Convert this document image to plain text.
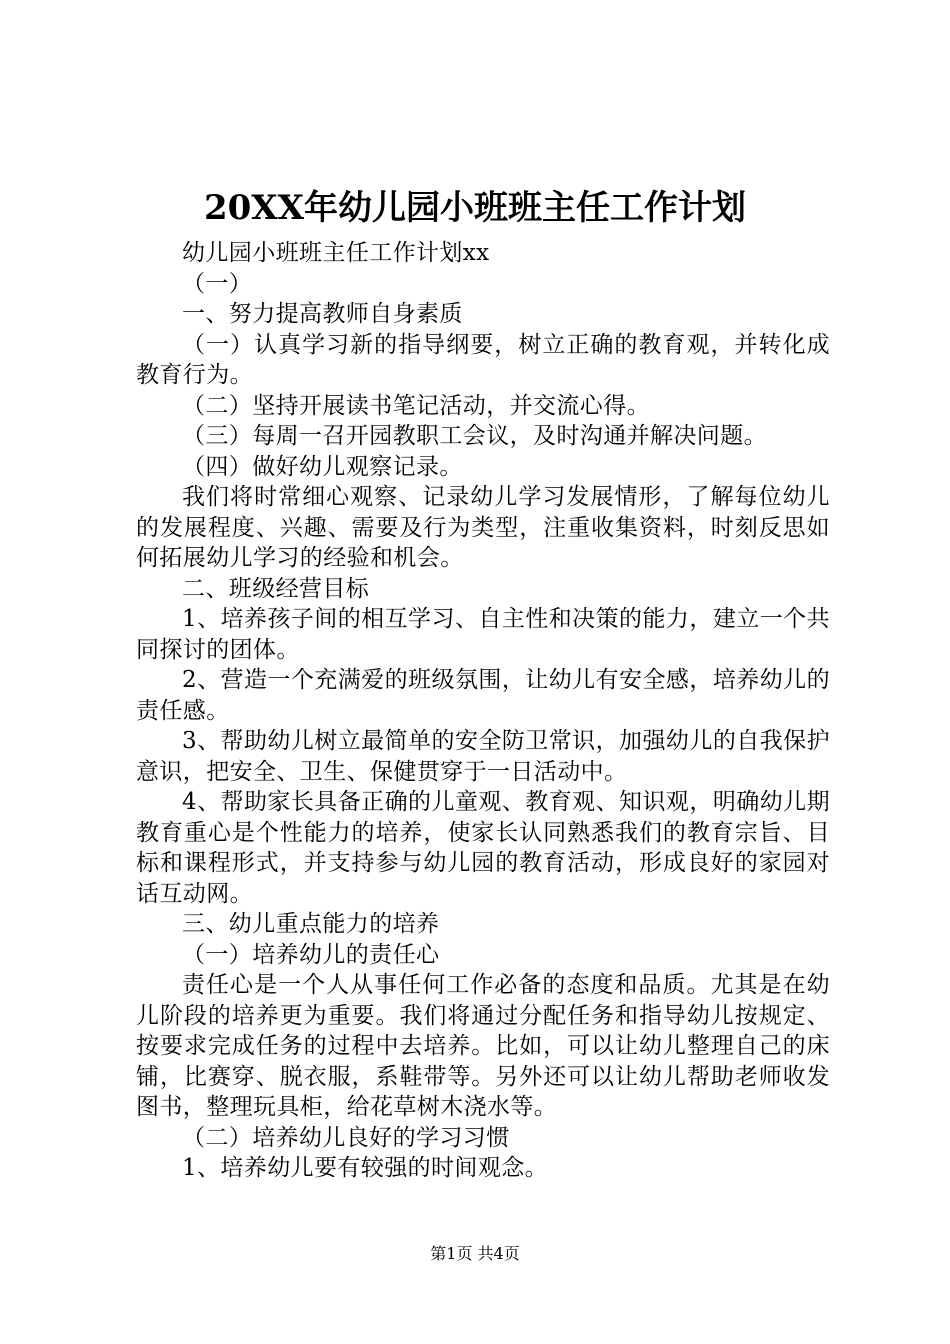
20XX年幼儿园小班班主任工作计划

幼儿园小班班主任工作计划xx

（一）

一、努力提高教师自身素质

（一）认真学习新的指导纲要，树立正确的教育观，并转化成教育行为。

（二）坚持开展读书笔记活动，并交流心得。

（三）每周一召开园教职工会议，及时沟通并解决问题。

（四）做好幼儿观察记录。

我们将时常细心观察、记录幼儿学习发展情形，了解每位幼儿的发展程度、兴趣、需要及行为类型，注重收集资料，时刻反思如何拓展幼儿学习的经验和机会。

二、班级经营目标

1、培养孩子间的相互学习、自主性和决策的能力，建立一个共同探讨的团体。

2、营造一个充满爱的班级氛围，让幼儿有安全感，培养幼儿的责任感。

3、帮助幼儿树立最简单的安全防卫常识，加强幼儿的自我保护意识，把安全、卫生、保健贯穿于一日活动中。

4、帮助家长具备正确的儿童观、教育观、知识观，明确幼儿期教育重心是个性能力的培养，使家长认同熟悉我们的教育宗旨、目标和课程形式，并支持参与幼儿园的教育活动，形成良好的家园对话互动网。

三、幼儿重点能力的培养

（一）培养幼儿的责任心

责任心是一个人从事任何工作必备的态度和品质。尤其是在幼儿阶段的培养更为重要。我们将通过分配任务和指导幼儿按规定、按要求完成任务的过程中去培养。比如，可以让幼儿整理自己的床铺，比赛穿、脱衣服，系鞋带等。另外还可以让幼儿帮助老师收发图书，整理玩具柜，给花草树木浇水等。

（二）培养幼儿良好的学习习惯

1、培养幼儿要有较强的时间观念。

第1页 共4页
